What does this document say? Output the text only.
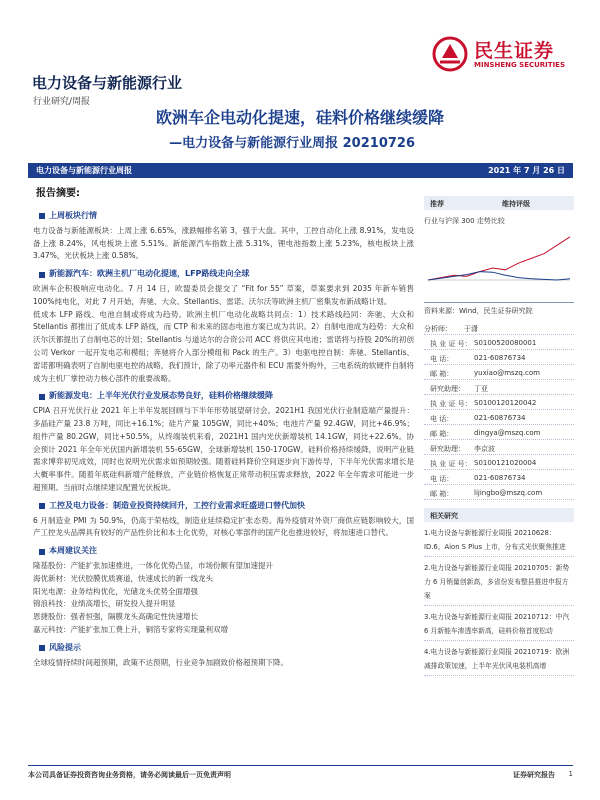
民生证券
MINSHENG SECURITIES
电力设备与新能源行业
行业研究/周报
欧洲车企电动化提速，硅料价格继续缓降
—电力设备与新能源行业周报 20210726
电力设备与新能源行业周报	2021 年 7 月 26 日
报告摘要:
上周板块行情

电力设备与新能源板块：上周上涨 6.65%，涨跌幅排名第 3，强于大盘。其中，工控自动化上涨 8.91%，发电设备上涨 8.24%，风电板块上涨 5.51%。新能源汽车指数上涨 5.31%，锂电池指数上涨 5.23%，核电板块上涨 3.47%，光伏板块上涨 0.58%。

新能源汽车：欧洲主机厂电动化提速，LFP路线走向全球

欧洲车企积极响应电动化。7 月 14 日，欧盟委员会提交了 “Fit for 55” 草案，草案要求到 2035 年新车销售 100%纯电化，对此 7 月开始，奔驰、大众、Stellantis、雷诺、沃尔沃等欧洲主机厂密集发布新战略计划。

低成本 LFP 路线、电池自制或将成为趋势。欧洲主机厂电动化战略共同点：1）技术路线趋同：奔驰、大众和 Stellantis 都推出了低成本 LFP 路线，而 CTP 和未来的固态电池方案已成为共识。2）自制电池成为趋势：大众和沃尔沃都提出了自制电芯的计划；Stellantis 与道达尔的合资公司 ACC 将供应其电池；雷诺将与持股 20%的初创公司 Verkor 一起开发电芯和模组；奔驰将介入部分模组和 Pack 的生产。3）电驱电控自制：奔驰、Stellantis、雷诺都明确表明了自制电驱电控的战略，我们预计，除了功率元器件和 ECU 需要外购外，三电系统的软硬件自制将成为主机厂掌控动力核心部件的重要战略。

新能源发电：上半年光伏行业发展态势良好，硅料价格继续缓降

CPIA 召开光伏行业 2021 年上半年发展回顾与下半年形势展望研讨会。2021H1 我国光伏行业制造端产量提升：多晶硅产量 23.8 万吨，同比+16.1%；硅片产量 105GW，同比+40%；电池片产量 92.4GW，同比+46.9%；组件产量 80.2GW，同比+50.5%，从终端装机来看，2021H1 国内光伏新增装机 14.1GW，同比+22.6%。协会预计 2021 年全年光伏国内新增装机 55-65GW，全球新增装机 150-170GW。硅料价格持续缓降，说明产业链需求博弈初见成效，同时也说明光伏需求如预期较强。随着硅料降价空间逐步向下游传导，下半年光伏需求增长是大概率事件。随着年底硅料新增产能释放，产业链价格恢复正常带动积压需求释放，2022 年全年需求可能进一步超预期。当前时点继续建议配置光伏板块。

工控及电力设备：制造业投资持续回升，工控行业需求旺盛进口替代加快

6 月制造业 PMI 为 50.9%，仍高于荣枯线，制造业延续稳定扩张态势。海外疫情对外资厂商供应链影响较大，国产工控龙头品牌具有较好的产品性价比和本土化优势，对核心零部件的国产化也推进较好，将加速进口替代。

本周建议关注
隆基股份：产能扩张加速推进，一体化优势凸显，市场份额有望加速提升
海优新材：光伏胶膜优质赛道，快速成长的新一线龙头
阳光电源：业务结构优化，光储龙头优势全面增强
锦浪科技：业绩高增长，研发投入提升明显
恩捷股份：强者恒强，隔膜龙头高确定性快速增长
嘉元科技：产能扩张加工费上升，铜箔专家将实现量利双增
风险提示

全球疫情持续时间超预期，政策不达预期，行业竞争加剧致价格超预期下降。

推荐	维持评级
行业与沪深 300 走势比较
资料来源：Wind，民生证券研究院
分析师： 于潇
执 业 证 号： S0100520080001
电 话：	021-60876734
邮 箱：	yuxiao@mszq.com
研究助理： 丁亚
执 业 证 号： S0100120120042
电 话：	021-60876734
邮 箱：	dingya@mszq.com
研究助理： 李京波
执 业 证 号： S0100121020004
电 话：	021-60876734
邮 箱：	lijingbo@mszq.com
相关研究
1.电力设备与新能源行业周报 20210628：ID.6、Aion S Plus 上市，分布式光伏聚焦推进
2.电力设备与新能源行业周报 20210705：新势力 6 月销量创新高，多省份发布整县推进申报方案
3.电力设备与新能源行业周报 20210712：中汽 6 月新能车渗透率新高，硅料价格首度松动
4.电力设备与新能源行业周报 20210719：欧洲减排政策加速，上半年光伏风电装机高增
本公司具备证券投资咨询业务资格，请务必阅读最后一页免责声明	证券研究报告 1
